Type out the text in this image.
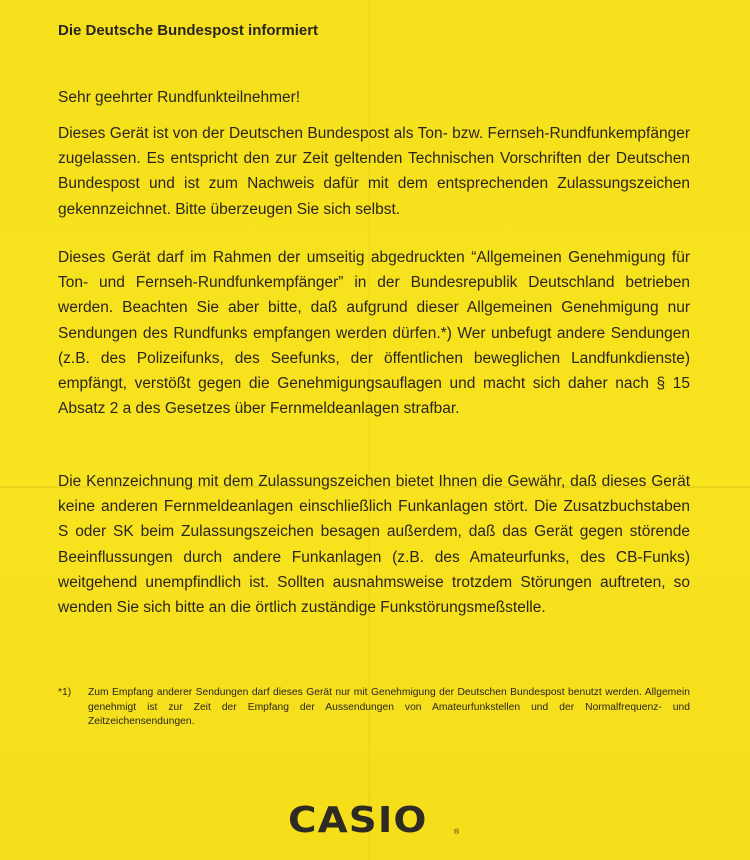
Die Deutsche Bundespost informiert

Sehr geehrter Rundfunkteilnehmer!

Dieses Gerät ist von der Deutschen Bundespost als Ton- bzw. Fernseh-Rundfunkempfänger zugelassen. Es entspricht den zur Zeit geltenden Technischen Vorschriften der Deutschen Bundespost und ist zum Nachweis dafür mit dem entsprechenden Zulassungszeichen gekennzeichnet. Bitte überzeugen Sie sich selbst.

Dieses Gerät darf im Rahmen der umseitig abgedruckten “Allgemeinen Genehmigung für Ton- und Fernseh-Rundfunkempfänger” in der Bundesrepublik Deutschland betrieben werden. Beachten Sie aber bitte, daß aufgrund dieser Allgemeinen Genehmigung nur Sendungen des Rundfunks empfangen werden dürfen.*) Wer unbefugt andere Sendungen (z.B. des Polizeifunks, des Seefunks, der öffentlichen beweglichen Landfunkdienste) empfängt, verstößt gegen die Genehmigungsauflagen und macht sich daher nach § 15 Absatz 2 a des Gesetzes über Fernmeldeanlagen strafbar.

Die Kennzeichnung mit dem Zulassungszeichen bietet Ihnen die Gewähr, daß dieses Gerät keine anderen Fernmeldeanlagen einschließlich Funkanlagen stört. Die Zusatzbuchstaben S oder SK beim Zulassungszeichen besagen außerdem, daß das Gerät gegen störende Beeinflussungen durch andere Funkanlagen (z.B. des Amateurfunks, des CB-Funks) weitgehend unempfindlich ist. Sollten ausnahmsweise trotzdem Störungen auftreten, so wenden Sie sich bitte an die örtlich zuständige Funkstörungsmeßstelle.

*1)	Zum Empfang anderer Sendungen darf dieses Gerät nur mit Genehmigung der Deutschen Bundespost benutzt werden. Allgemein genehmigt ist zur Zeit der Empfang der Aussendungen von Amateurfunkstellen und der Normalfrequenz- und Zeitzeichensendungen.
CASIO	®
